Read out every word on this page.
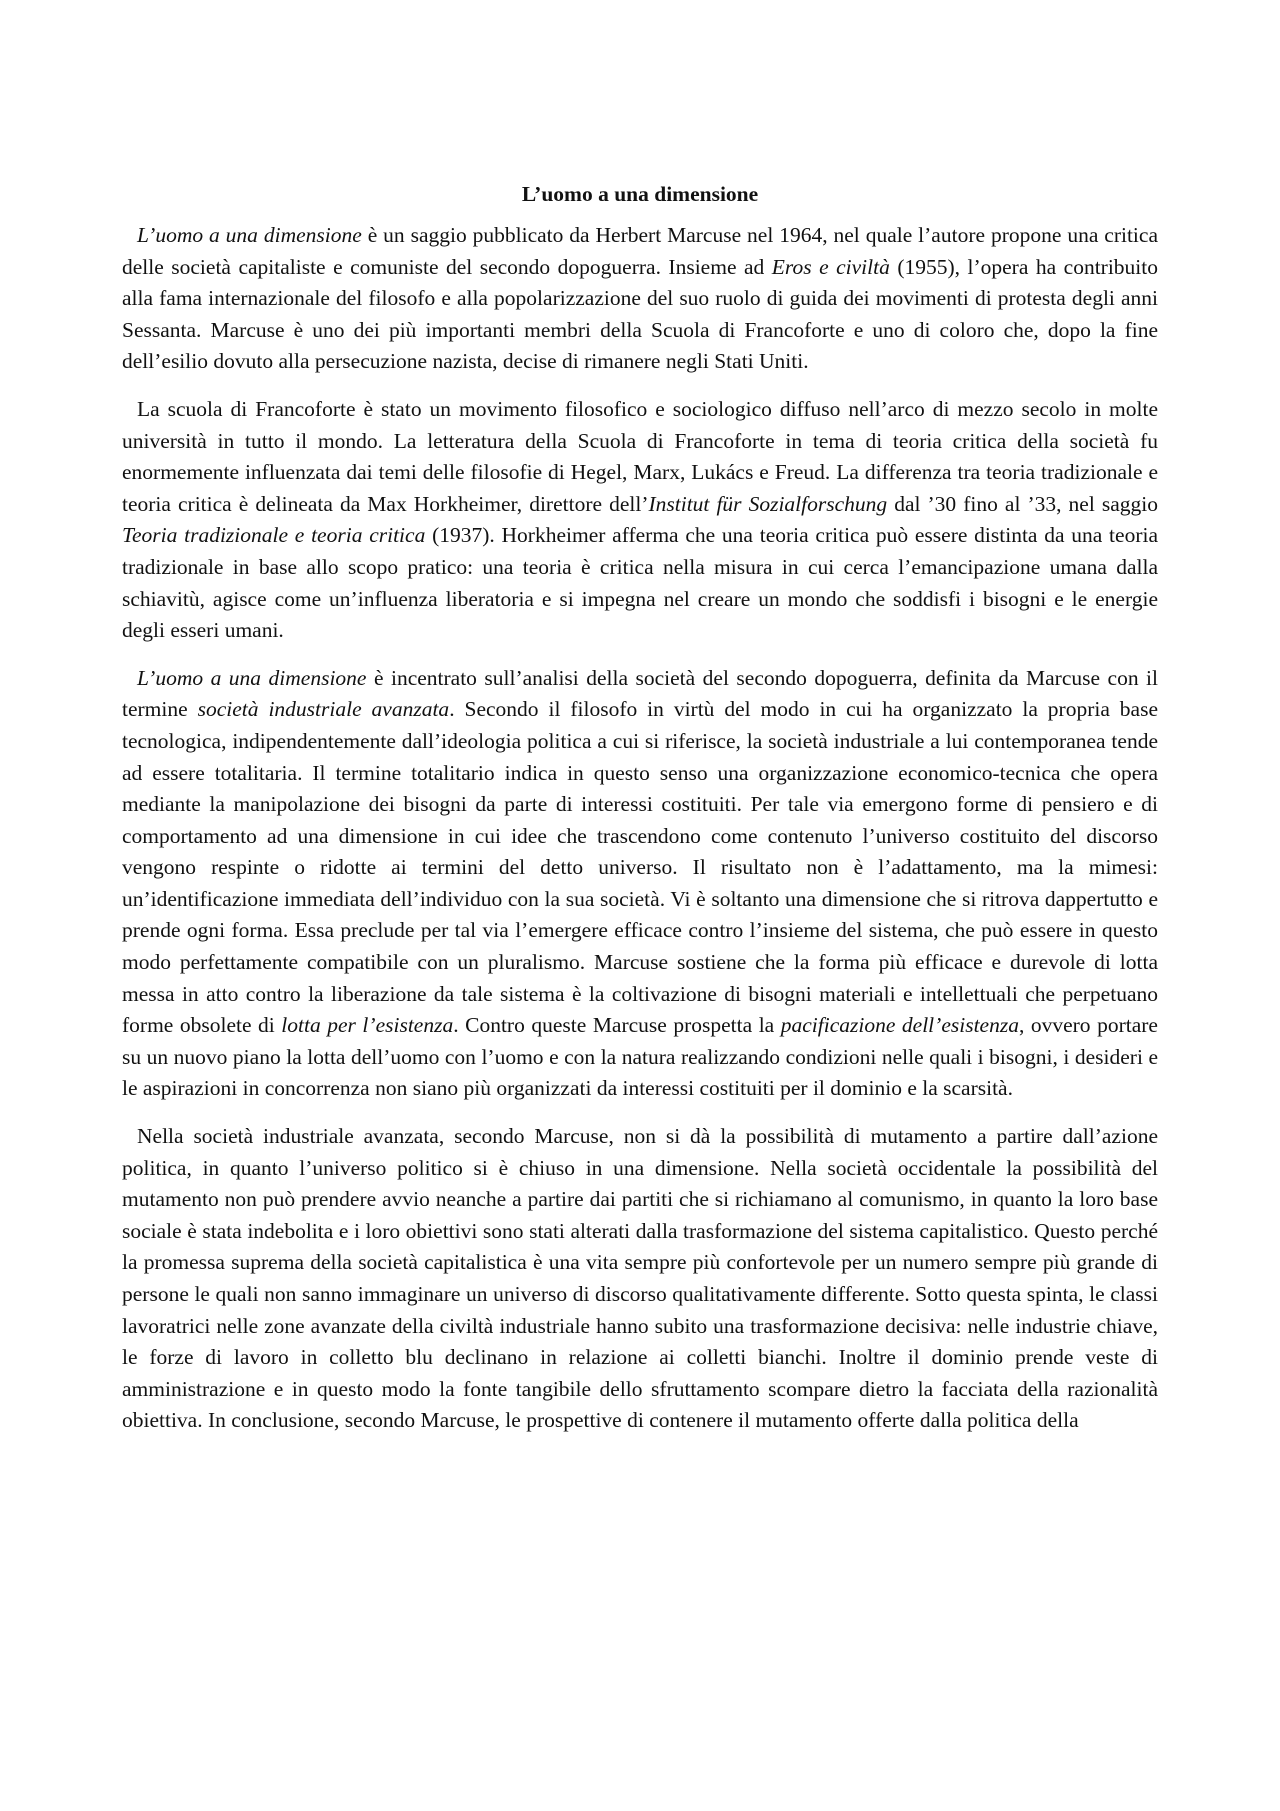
L’uomo a una dimensione

L’uomo a una dimensione è un saggio pubblicato da Herbert Marcuse nel 1964, nel quale l’autore propone una critica delle società capitaliste e comuniste del secondo dopoguerra. Insieme ad Eros e civiltà (1955), l’opera ha contribuito alla fama internazionale del filosofo e alla popolarizzazione del suo ruolo di guida dei movimenti di protesta degli anni Sessanta. Marcuse è uno dei più importanti membri della Scuola di Francoforte e uno di coloro che, dopo la fine dell’esilio dovuto alla persecuzione nazista, decise di rimanere negli Stati Uniti.

La scuola di Francoforte è stato un movimento filosofico e sociologico diffuso nell’arco di mezzo secolo in molte università in tutto il mondo. La letteratura della Scuola di Francoforte in tema di teoria critica della società fu enormemente influenzata dai temi delle filosofie di Hegel, Marx, Lukács e Freud. La differenza tra teoria tradizionale e teoria critica è delineata da Max Horkheimer, direttore dell’Institut für Sozialforschung dal ’30 fino al ’33, nel saggio Teoria tradizionale e teoria critica (1937). Horkheimer afferma che una teoria critica può essere distinta da una teoria tradizionale in base allo scopo pratico: una teoria è critica nella misura in cui cerca l’emancipazione umana dalla schiavitù, agisce come un’influenza liberatoria e si impegna nel creare un mondo che soddisfi i bisogni e le energie degli esseri umani.

L’uomo a una dimensione è incentrato sull’analisi della società del secondo dopoguerra, definita da Marcuse con il termine società industriale avanzata. Secondo il filosofo in virtù del modo in cui ha organizzato la propria base tecnologica, indipendentemente dall’ideologia politica a cui si riferisce, la società industriale a lui contemporanea tende ad essere totalitaria. Il termine totalitario indica in questo senso una organizzazione economico-tecnica che opera mediante la manipolazione dei bisogni da parte di interessi costituiti. Per tale via emergono forme di pensiero e di comportamento ad una dimensione in cui idee che trascendono come contenuto l’universo costituito del discorso vengono respinte o ridotte ai termini del detto universo. Il risultato non è l’adattamento, ma la mimesi: un’identificazione immediata dell’individuo con la sua società. Vi è soltanto una dimensione che si ritrova dappertutto e prende ogni forma. Essa preclude per tal via l’emergere efficace contro l’insieme del sistema, che può essere in questo modo perfettamente compatibile con un pluralismo. Marcuse sostiene che la forma più efficace e durevole di lotta messa in atto contro la liberazione da tale sistema è la coltivazione di bisogni materiali e intellettuali che perpetuano forme obsolete di lotta per l’esistenza. Contro queste Marcuse prospetta la pacificazione dell’esistenza, ovvero portare su un nuovo piano la lotta dell’uomo con l’uomo e con la natura realizzando condizioni nelle quali i bisogni, i desideri e le aspirazioni in concorrenza non siano più organizzati da interessi costituiti per il dominio e la scarsità.

Nella società industriale avanzata, secondo Marcuse, non si dà la possibilità di mutamento a partire dall’azione politica, in quanto l’universo politico si è chiuso in una dimensione. Nella società occidentale la possibilità del mutamento non può prendere avvio neanche a partire dai partiti che si richiamano al comunismo, in quanto la loro base sociale è stata indebolita e i loro obiettivi sono stati alterati dalla trasformazione del sistema capitalistico. Questo perché la promessa suprema della società capitalistica è una vita sempre più confortevole per un numero sempre più grande di persone le quali non sanno immaginare un universo di discorso qualitativamente differente. Sotto questa spinta, le classi lavoratrici nelle zone avanzate della civiltà industriale hanno subito una trasformazione decisiva: nelle industrie chiave, le forze di lavoro in colletto blu declinano in relazione ai colletti bianchi. Inoltre il dominio prende veste di amministrazione e in questo modo la fonte tangibile dello sfruttamento scompare dietro la facciata della razionalità obiettiva. In conclusione, secondo Marcuse, le prospettive di contenere il mutamento offerte dalla politica della
